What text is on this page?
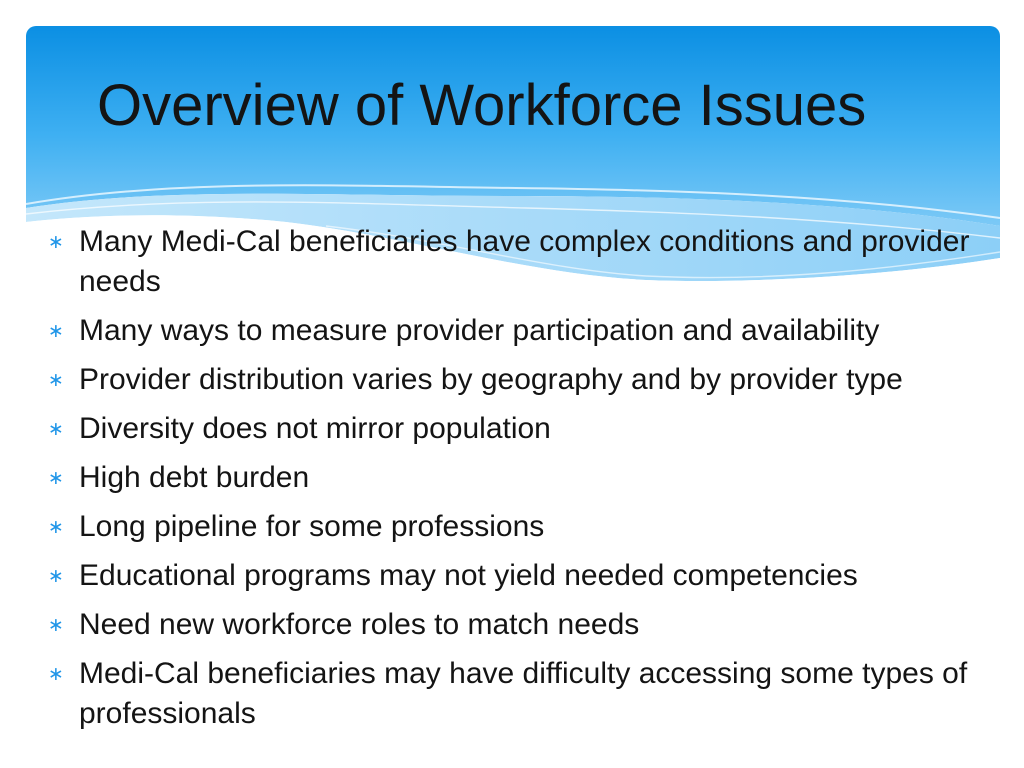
Overview of Workforce Issues
∗ Many Medi-Cal beneficiaries have complex conditions and provider needs
∗ Many ways to measure provider participation and availability
∗ Provider distribution varies by geography and by provider type
∗ Diversity does not mirror population
∗ High debt burden
∗ Long pipeline for some professions
∗ Educational programs may not yield needed competencies
∗ Need new workforce roles to match needs
∗ Medi-Cal beneficiaries may have difficulty accessing some types of professionals
